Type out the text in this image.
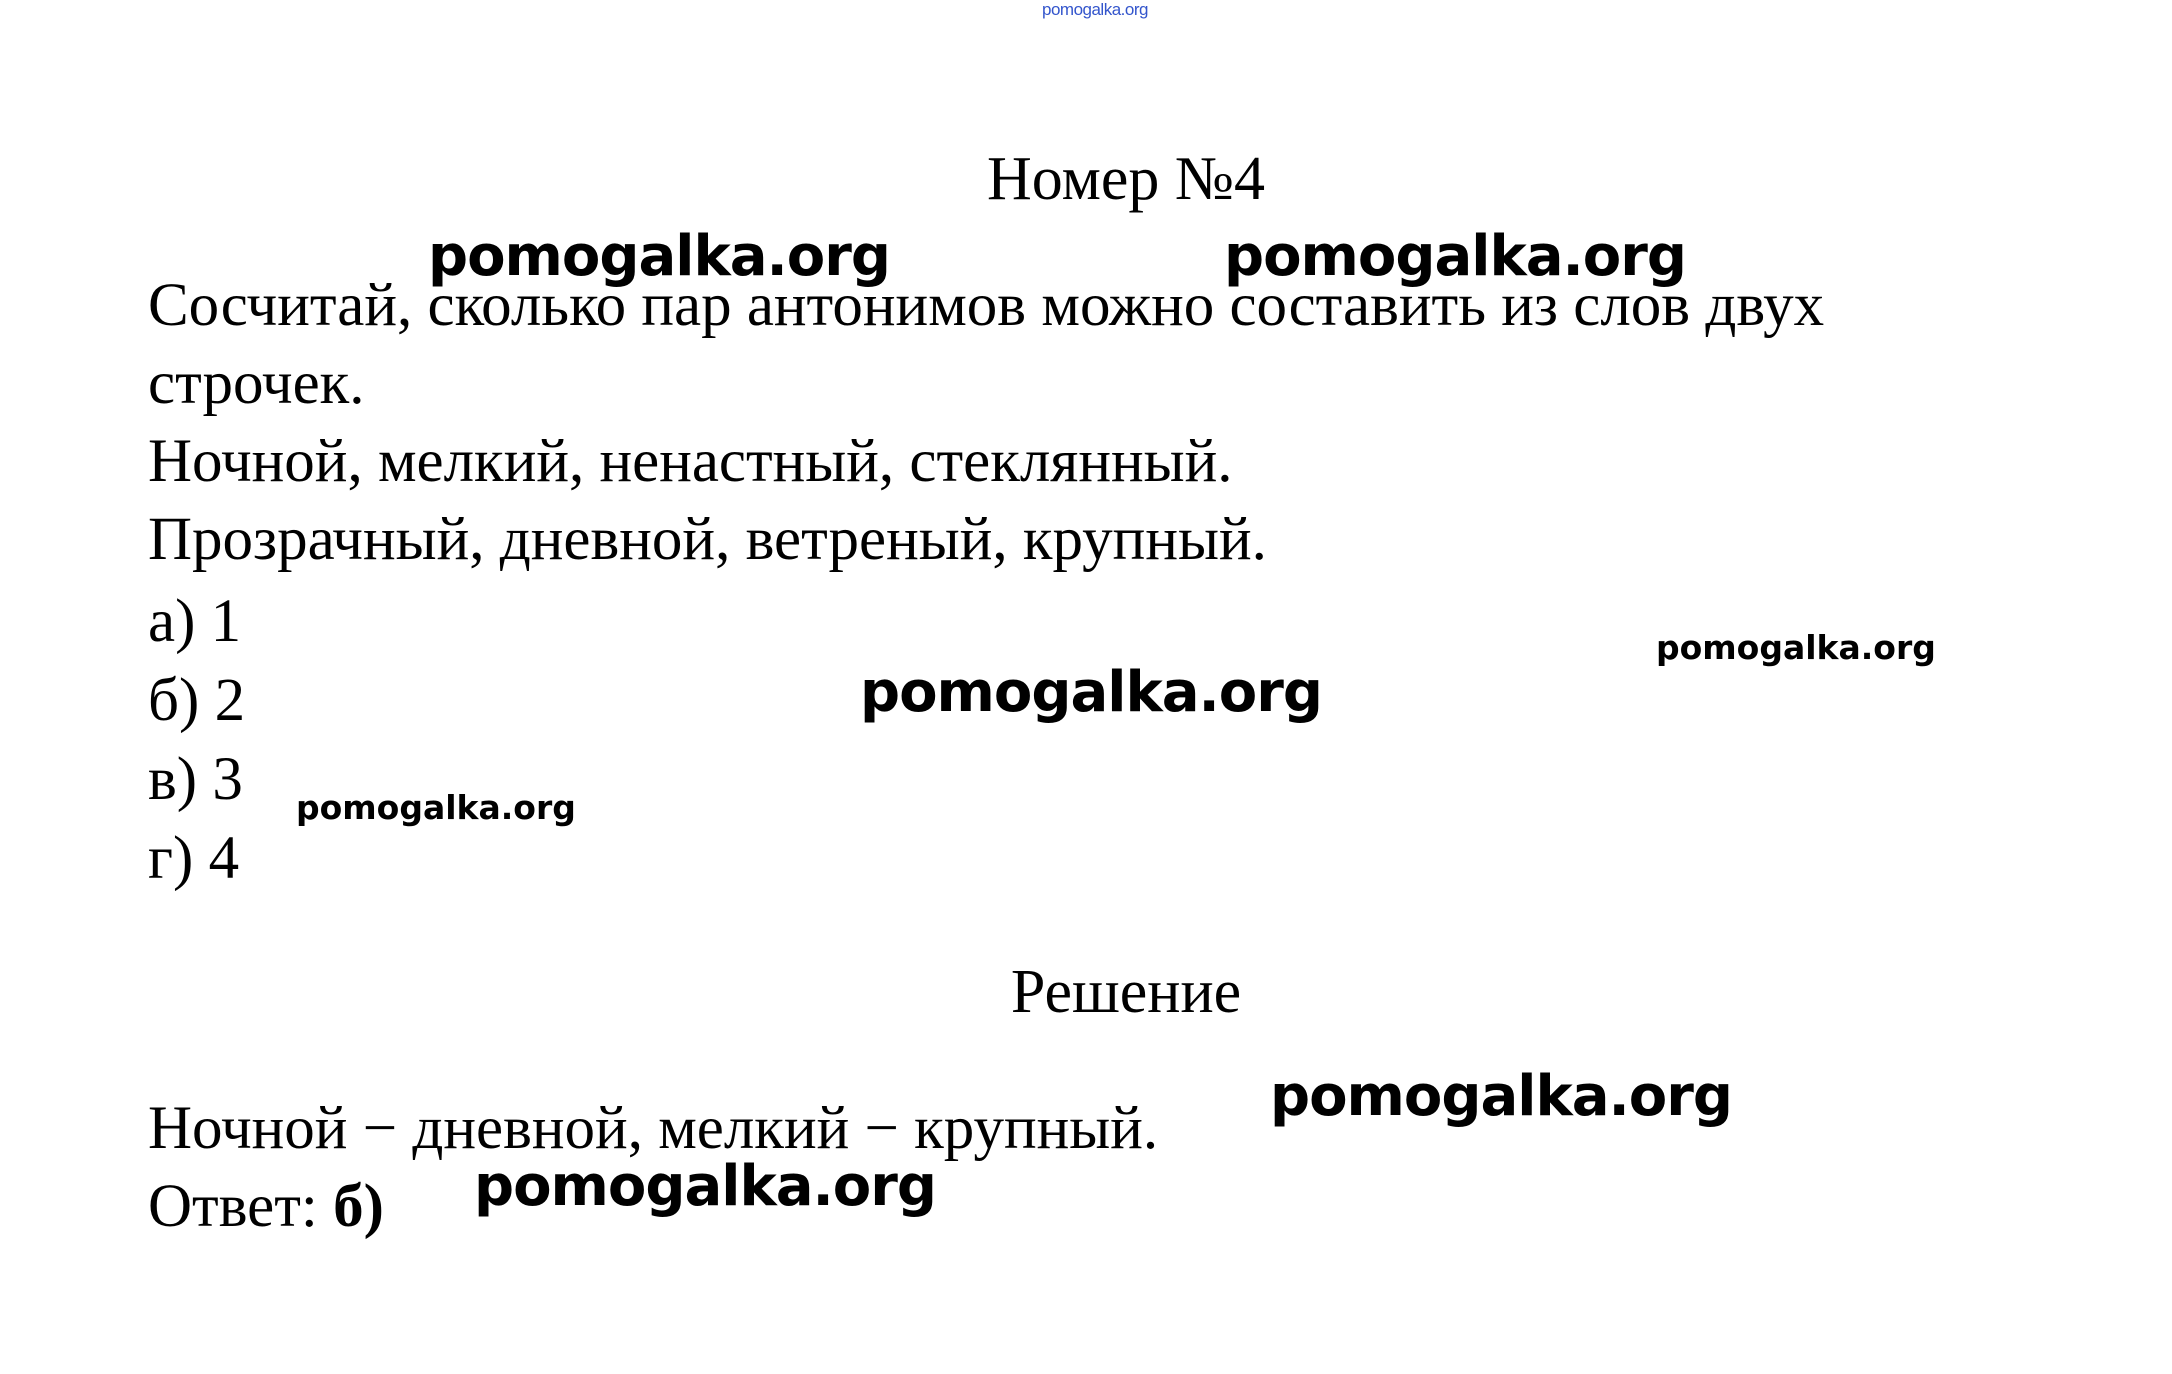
pomogalka.org
Номер №4
Сосчитай, сколько пар антонимов можно составить из слов двух
строчек.
Ночной, мелкий, ненастный, стеклянный.
Прозрачный, дневной, ветреный, крупный.
а) 1
б) 2
в) 3
г) 4
Решение
Ночной − дневной, мелкий − крупный.
Ответ: б)
pomogalka.org	pomogalka.org
pomogalka.org
pomogalka.org
pomogalka.org
pomogalka.org
pomogalka.org
